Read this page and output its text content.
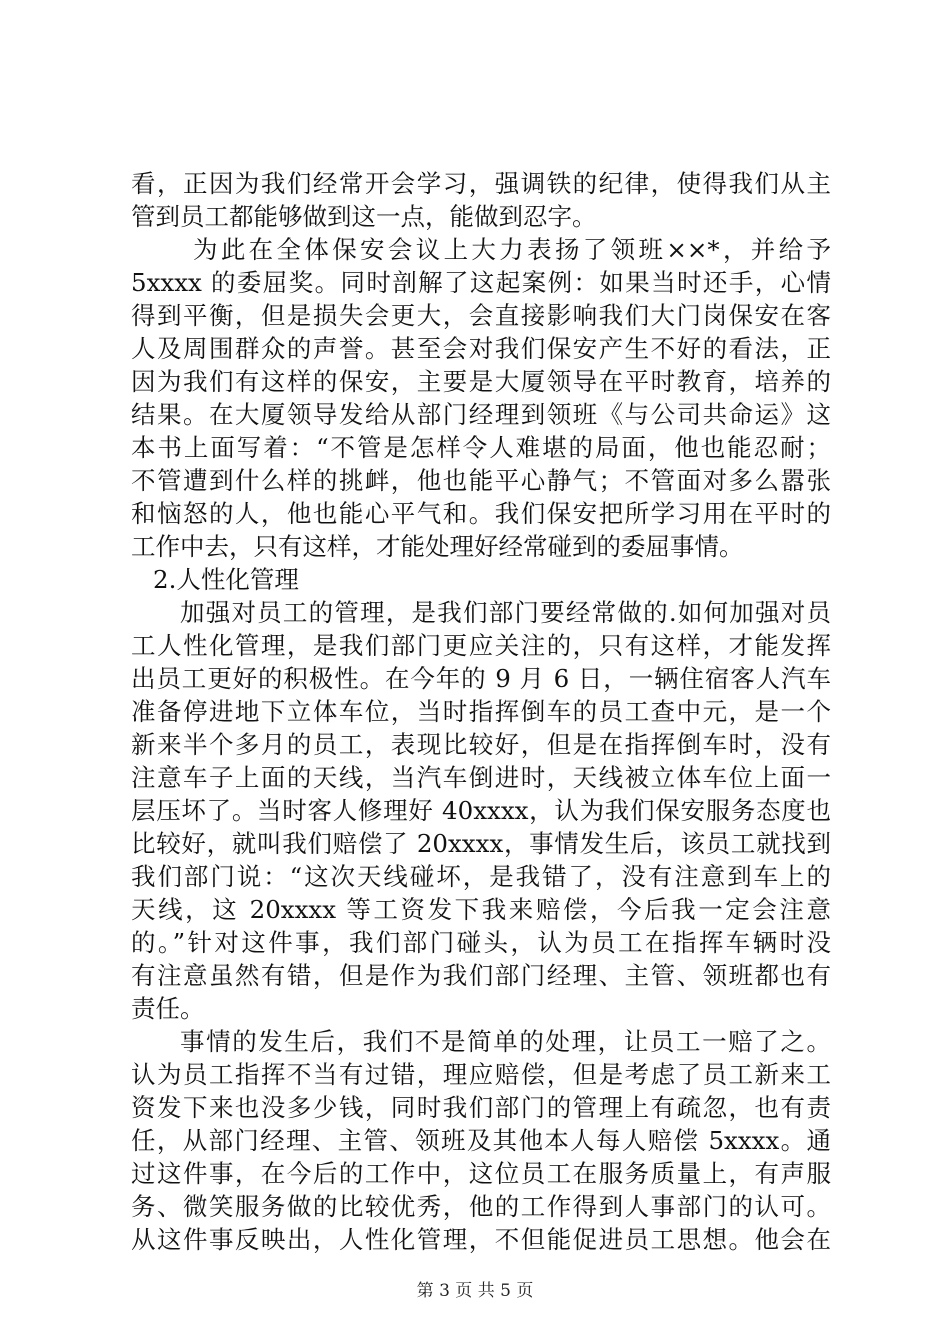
看，正因为我们经常开会学习，强调铁的纪律，使得我们从主

管到员工都能够做到这一点，能做到忍字。

为此在全体保安会议上大力表扬了领班××*，并给予

5xxxx 的委屈奖。同时剖解了这起案例：如果当时还手，心情

得到平衡，但是损失会更大，会直接影响我们大门岗保安在客

人及周围群众的声誉。甚至会对我们保安产生不好的看法，正

因为我们有这样的保安，主要是大厦领导在平时教育，培养的

结果。在大厦领导发给从部门经理到领班《与公司共命运》这

本书上面写着：“不管是怎样令人难堪的局面，他也能忍耐；

不管遭到什么样的挑衅，他也能平心静气；不管面对多么嚣张

和恼怒的人，他也能心平气和。我们保安把所学习用在平时的

工作中去，只有这样，才能处理好经常碰到的委屈事情。

2.人性化管理

加强对员工的管理，是我们部门要经常做的.如何加强对员

工人性化管理，是我们部门更应关注的，只有这样，才能发挥

出员工更好的积极性。在今年的 9 月 6 日，一辆住宿客人汽车

准备停进地下立体车位，当时指挥倒车的员工查中元，是一个

新来半个多月的员工，表现比较好，但是在指挥倒车时，没有

注意车子上面的天线，当汽车倒进时，天线被立体车位上面一

层压坏了。当时客人修理好 40xxxx，认为我们保安服务态度也

比较好，就叫我们赔偿了 20xxxx，事情发生后，该员工就找到

我们部门说：“这次天线碰坏，是我错了，没有注意到车上的

天线，这 20xxxx 等工资发下我来赔偿，今后我一定会注意

的。”针对这件事，我们部门碰头，认为员工在指挥车辆时没

有注意虽然有错，但是作为我们部门经理、主管、领班都也有

责任。

事情的发生后，我们不是简单的处理，让员工一赔了之。

认为员工指挥不当有过错，理应赔偿，但是考虑了员工新来工

资发下来也没多少钱，同时我们部门的管理上有疏忽，也有责

任，从部门经理、主管、领班及其他本人每人赔偿 5xxxx。通

过这件事，在今后的工作中，这位员工在服务质量上，有声服

务、微笑服务做的比较优秀，他的工作得到人事部门的认可。

从这件事反映出，人性化管理，不但能促进员工思想。他会在

第 3 页 共 5 页
